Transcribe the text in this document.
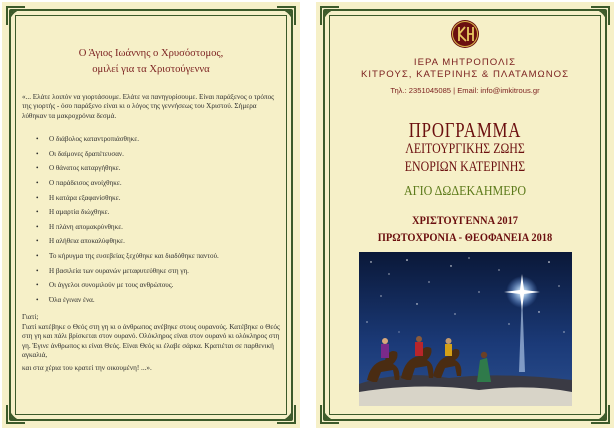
Ο Άγιος Ιωάννης ο Χρυσόστομος,
ομιλεί για τα Χριστούγεννα
«... Ελάτε λοιπόν να γιορτάσουμε. Ελάτε να πανηγυρίσουμε. Είναι παράξενος ο τρόπος της γιορτής - όσο παράξενο είναι κι ο λόγος της γεννήσεως του Χριστού. Σήμερα λύθηκαν τα μακροχρόνια δεσμά.
• Ο διάβολος καταντροπιάσθηκε.
• Οι δαίμονες δραπέτευσαν.
• Ο θάνατος καταργήθηκε.
• Ο παράδεισος ανοίχθηκε.
• Η κατάρα εξαφανίσθηκε.
• Η αμαρτία διώχθηκε.
• Η πλάνη απομακρύνθηκε.
• Η αλήθεια αποκαλύφθηκε.
• Το κήρυγμα της ευσεβείας ξεχύθηκε και διαδόθηκε παντού.
• Η βασιλεία των ουρανών μεταφυτεύθηκε στη γη.
• Οι άγγελοι συνομιλούν με τους ανθρώπους.
• Όλα έγιναν ένα.

Γιατί;

Γιατί κατέβηκε ο Θεός στη γη κι ο άνθρωπος ανέβηκε στους ουρανούς. Κατέβηκε ο Θεός στη γη και πάλι βρίσκεται στον ουρανό. Ολόκληρος είναι στον ουρανό κι ολόκληρος στη γη. Έγινε άνθρωπος κι είναι Θεός. Είναι Θεός κι έλαβε σάρκα. Κρατιέται σε παρθενική αγκαλιά,

και στα χέρια του κρατεί την οικουμένη! ...».

ΙΕΡΑ ΜΗΤΡΟΠΟΛΙΣ
ΚΙΤΡΟΥΣ, ΚΑΤΕΡΙΝΗΣ & ΠΛΑΤΑΜΩΝΟΣ
Τηλ.: 2351045085 | Email: info@imkitrous.gr
ΠΡΟΓΡΑΜΜΑ
ΛΕΙΤΟΥΡΓΙΚΗΣ ΖΩΗΣ
ΕΝΟΡΙΩΝ ΚΑΤΕΡΙΝΗΣ
ΑΓΙΟ ΔΩΔΕΚΑΗΜΕΡΟ
ΧΡΙΣΤΟΥΓΕΝΝΑ 2017
ΠΡΩΤΟΧΡΟΝΙΑ - ΘΕΟΦΑΝΕΙΑ 2018
